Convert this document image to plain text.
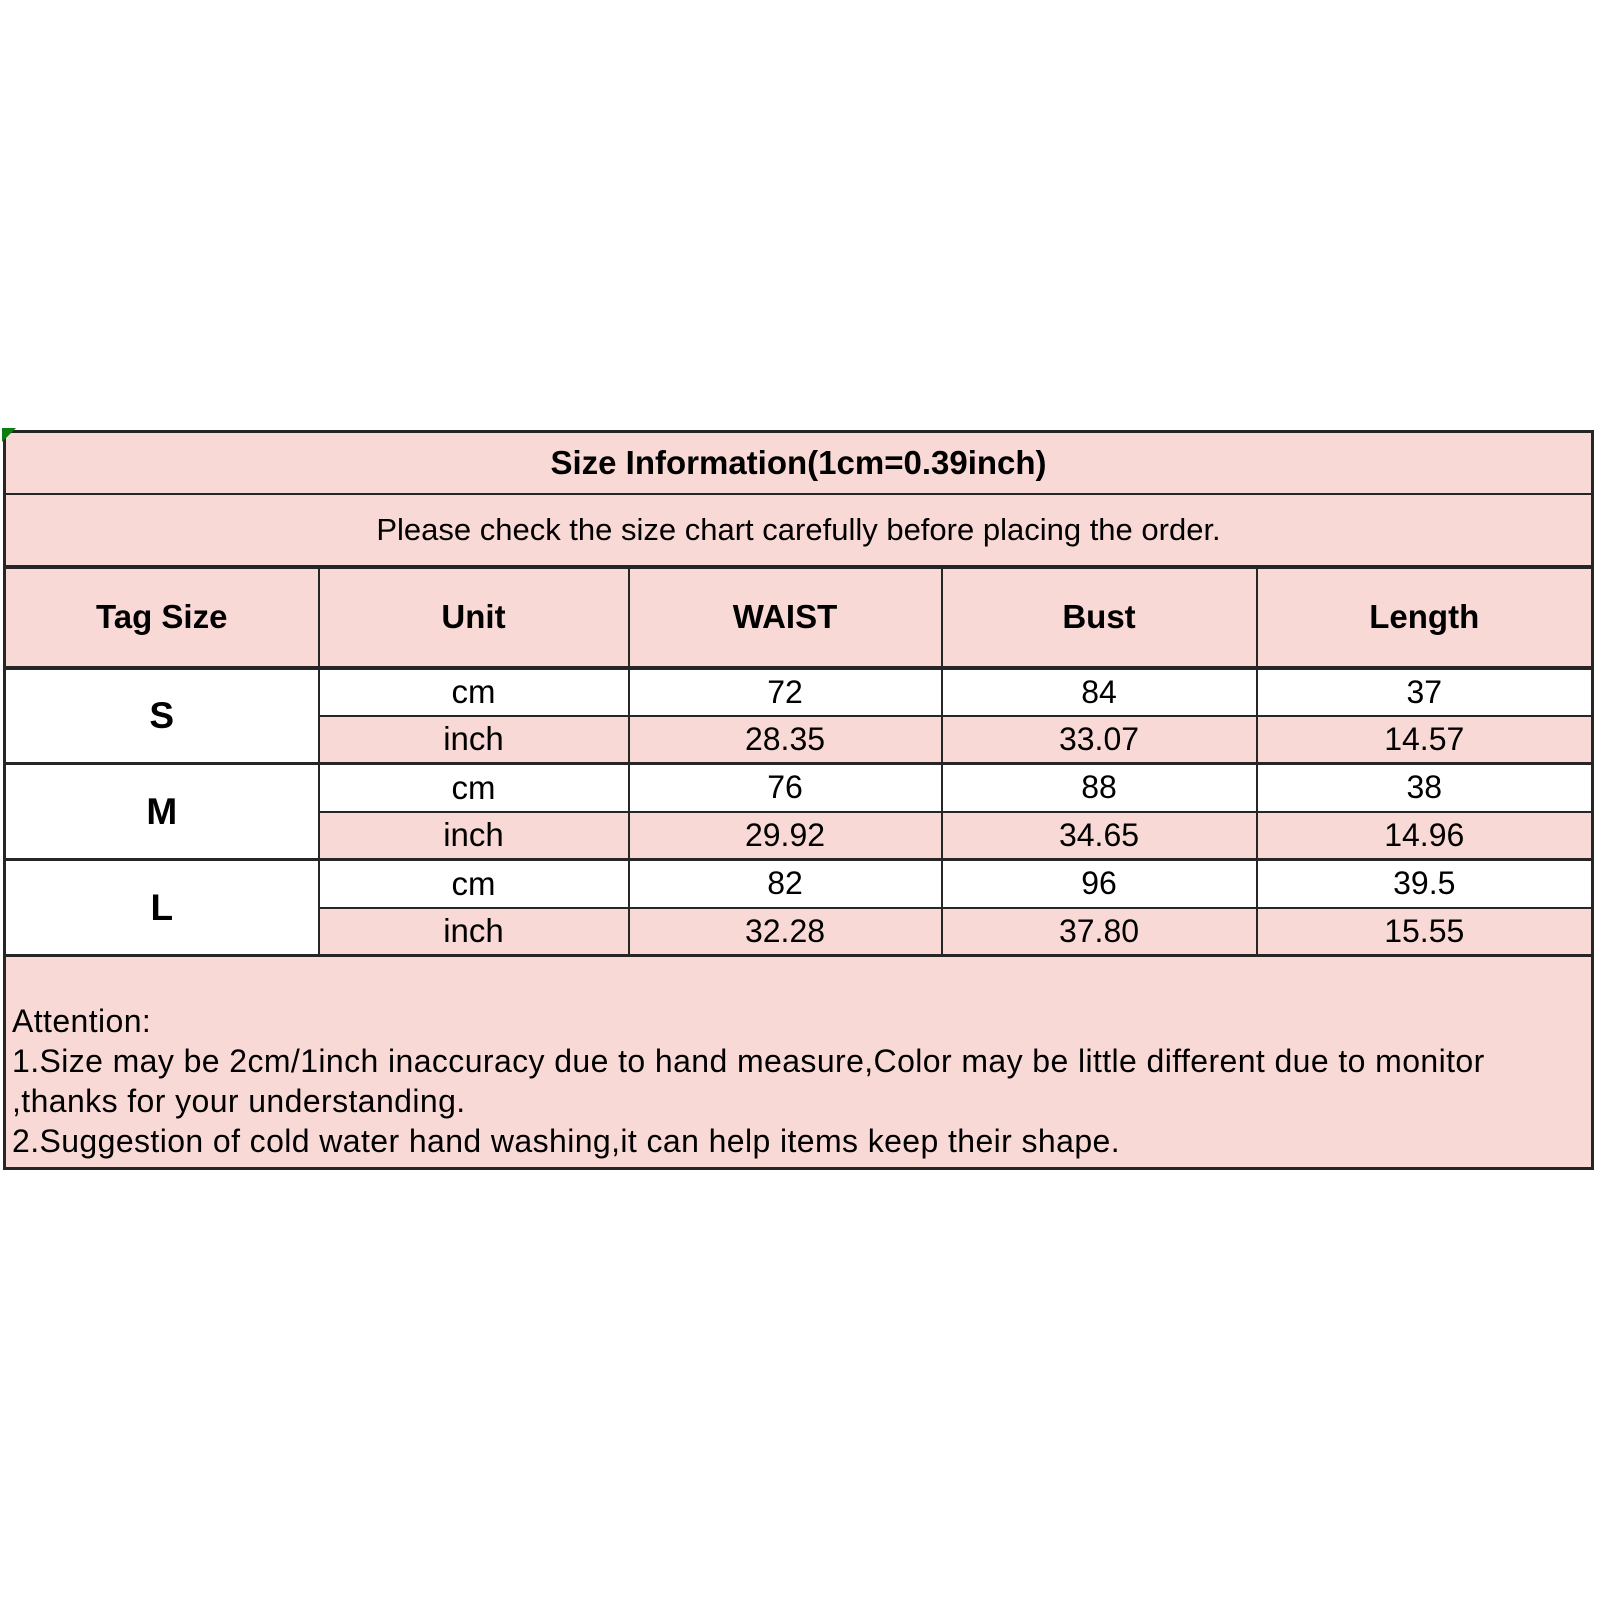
Size Information(1cm=0.39inch)				
Please check the size chart carefully before placing the order.				
Tag Size	Unit	WAIST	Bust	Length
S	cm	72	84	37
	inch	28.35	33.07	14.57
M	cm	76	88	38
	inch	29.92	34.65	14.96
L	cm	82	96	39.5
	inch	32.28	37.80	15.55

Attention:
1.Size may be 2cm/1inch inaccuracy due to hand measure,Color may be little different due to monitor
,thanks for your understanding.
2.Suggestion of cold water hand washing,it can help items keep their shape.				
